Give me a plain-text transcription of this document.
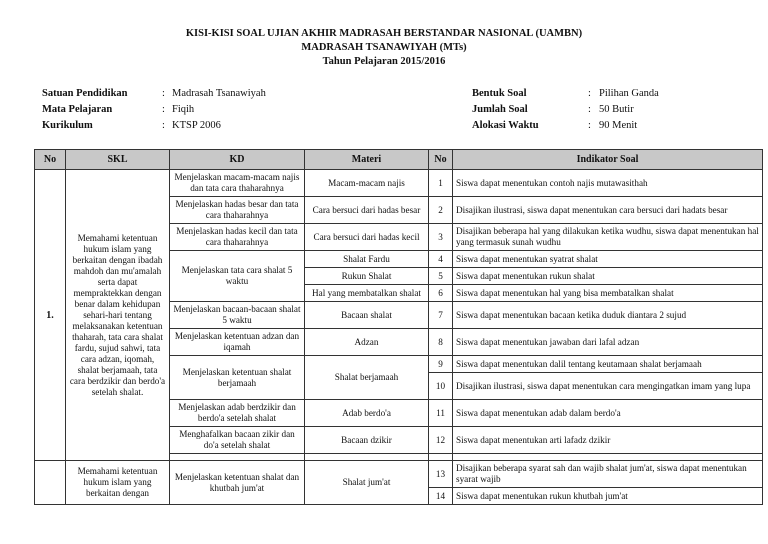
KISI-KISI SOAL UJIAN AKHIR MADRASAH BERSTANDAR NASIONAL (UAMBN)
MADRASAH TSANAWIYAH (MTs)
Tahun Pelajaran 2015/2016
Satuan Pendidikan	: Madrasah Tsanawiyah
Mata Pelajaran	: Fiqih
Kurikulum	: KTSP 2006
Bentuk Soal	: Pilihan Ganda
Jumlah Soal	: 50 Butir
Alokasi Waktu	: 90 Menit
No	SKL	KD	Materi	No	Indikator Soal
1.	Memahami ketentuan hukum islam yang berkaitan dengan ibadah mahdoh dan mu'amalah serta dapat mempraktekkan dengan benar dalam kehidupan sehari-hari tentang melaksanakan ketentuan thaharah, tata cara shalat fardu, sujud sahwi, tata cara adzan, iqomah, shalat berjamaah, tata cara berdzikir dan berdo'a setelah shalat.	Menjelaskan macam-macam najis dan tata cara thaharahnya	Macam-macam najis	1	Siswa dapat menentukan contoh najis mutawasithah
		Menjelaskan hadas besar dan tata cara thaharahnya	Cara bersuci dari hadas besar	2	Disajikan ilustrasi, siswa dapat menentukan cara bersuci dari hadats besar
		Menjelaskan hadas kecil dan tata cara thaharahnya	Cara bersuci dari hadas kecil	3	Disajikan beberapa hal yang dilakukan ketika wudhu, siswa dapat menentukan hal yang termasuk sunah wudhu
		Menjelaskan tata cara shalat 5 waktu	Shalat Fardu	4	Siswa dapat menentukan syatrat shalat
			Rukun Shalat	5	Siswa dapat menentukan rukun shalat
			Hal yang membatalkan shalat	6	Siswa dapat menentukan hal yang bisa membatalkan shalat
		Menjelaskan bacaan-bacaan shalat 5 waktu	Bacaan shalat	7	Siswa dapat menentukan bacaan ketika duduk diantara 2 sujud
		Menjelaskan ketentuan adzan dan iqamah	Adzan	8	Siswa dapat menentukan jawaban dari lafal adzan
		Menjelaskan ketentuan shalat berjamaah	Shalat berjamaah	9	Siswa dapat menentukan dalil tentang keutamaan shalat berjamaah
				10	Disajikan ilustrasi, siswa dapat menentukan cara mengingatkan imam yang lupa
		Menjelaskan adab berdzikir dan berdo'a setelah shalat	Adab berdo'a	11	Siswa dapat menentukan adab dalam berdo'a
		Menghafalkan bacaan zikir dan do'a setelah shalat	Bacaan dzikir	12	Siswa dapat menentukan arti lafadz dzikir

	Memahami ketentuan hukum islam yang berkaitan dengan	Menjelaskan ketentuan shalat dan khutbah jum'at	Shalat jum'at	13	Disajikan beberapa syarat sah dan wajib shalat jum'at, siswa dapat menentukan syarat wajib
				14	Siswa dapat menentukan rukun khutbah jum'at
